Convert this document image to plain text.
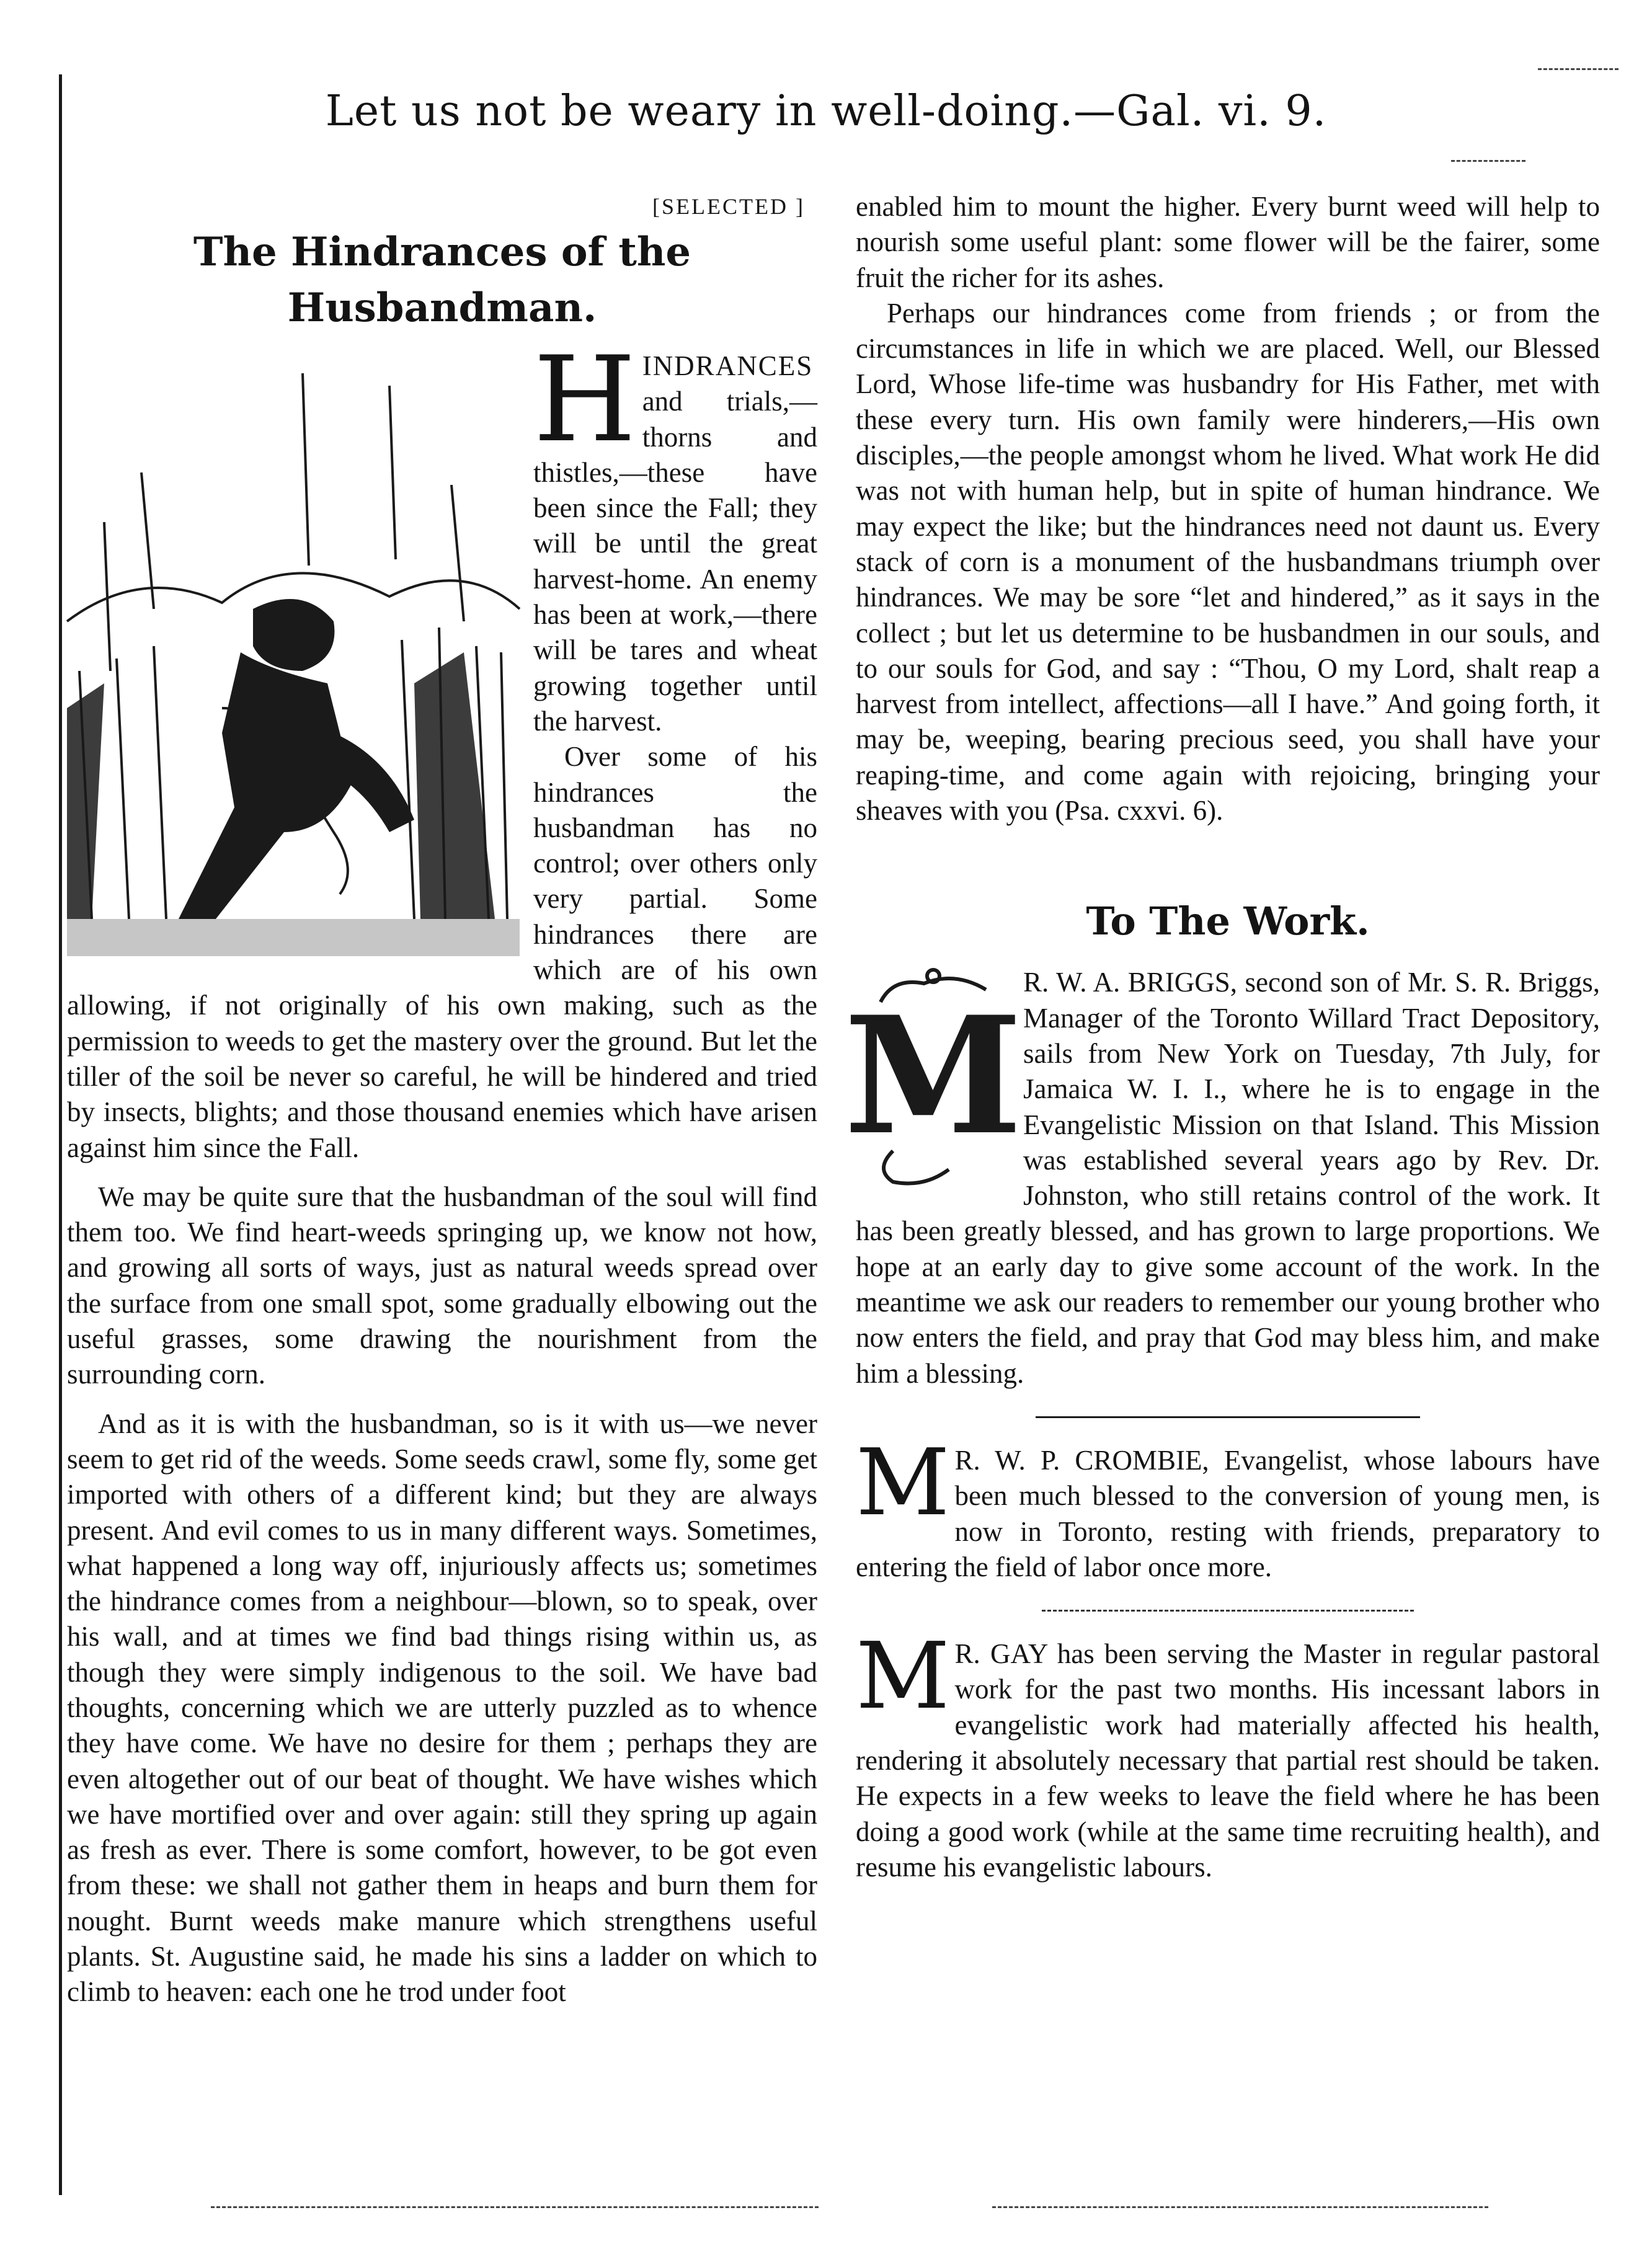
Let us not be weary in well-doing.—Gal. vi. 9.
[SELECTED ]
The Hindrances of the Husbandman.

HINDRANCES and trials,—thorns and thistles,—these have been since the Fall; they will be until the great harvest-home. An enemy has been at work,—there will be tares and wheat growing together until the harvest.

Over some of his hindrances the husbandman has no control; over others only very partial. Some hindrances there are which are of his own allowing, if not originally of his own making, such as the permission to weeds to get the mastery over the ground. But let the tiller of the soil be never so careful, he will be hindered and tried by insects, blights; and those thousand enemies which have arisen against him since the Fall.

We may be quite sure that the husbandman of the soul will find them too. We find heart-weeds springing up, we know not how, and growing all sorts of ways, just as natural weeds spread over the surface from one small spot, some gradually elbowing out the useful grasses, some drawing the nourishment from the surrounding corn.

And as it is with the husbandman, so is it with us—we never seem to get rid of the weeds. Some seeds crawl, some fly, some get imported with others of a different kind; but they are always present. And evil comes to us in many different ways. Sometimes, what happened a long way off, injuriously affects us; sometimes the hindrance comes from a neighbour—blown, so to speak, over his wall, and at times we find bad things rising within us, as though they were simply indigenous to the soil. We have bad thoughts, concerning which we are utterly puzzled as to whence they have come. We have no desire for them ; perhaps they are even altogether out of our beat of thought. We have wishes which we have mortified over and over again: still they spring up again as fresh as ever. There is some comfort, however, to be got even from these: we shall not gather them in heaps and burn them for nought. Burnt weeds make manure which strengthens useful plants. St. Augustine said, he made his sins a ladder on which to climb to heaven: each one he trod under foot

enabled him to mount the higher. Every burnt weed will help to nourish some useful plant: some flower will be the fairer, some fruit the richer for its ashes.

Perhaps our hindrances come from friends ; or from the circumstances in life in which we are placed. Well, our Blessed Lord, Whose life-time was husbandry for His Father, met with these every turn. His own family were hinderers,—His own disciples,—the people amongst whom he lived. What work He did was not with human help, but in spite of human hindrance. We may expect the like; but the hindrances need not daunt us. Every stack of corn is a monument of the husbandmans triumph over hindrances. We may be sore “let and hindered,” as it says in the collect ; but let us determine to be husbandmen in our souls, and to our souls for God, and say : “Thou, O my Lord, shalt reap a harvest from intellect, affections—all I have.” And going forth, it may be, weeping, bearing precious seed, you shall have your reaping-time, and come again with rejoicing, bringing your sheaves with you (Psa. cxxvi. 6).

To The Work.

M R. W. A. BRIGGS, second son of Mr. S. R. Briggs, Manager of the Toronto Willard Tract Depository, sails from New York on Tuesday, 7th July, for Jamaica W. I. I., where he is to engage in the Evangelistic Mission on that Island. This Mission was established several years ago by Rev. Dr. Johnston, who still retains control of the work. It has been greatly blessed, and has grown to large proportions. We hope at an early day to give some account of the work. In the meantime we ask our readers to remember our young brother who now enters the field, and pray that God may bless him, and make him a blessing.

M R. W. P. CROMBIE, Evangelist, whose labours have been much blessed to the conversion of young men, is now in Toronto, resting with friends, preparatory to entering the field of labor once more.

M R. GAY has been serving the Master in regular pastoral work for the past two months. His incessant labors in evangelistic work had materially affected his health, rendering it absolutely necessary that partial rest should be taken. He expects in a few weeks to leave the field where he has been doing a good work (while at the same time recruiting health), and resume his evangelistic labours.
